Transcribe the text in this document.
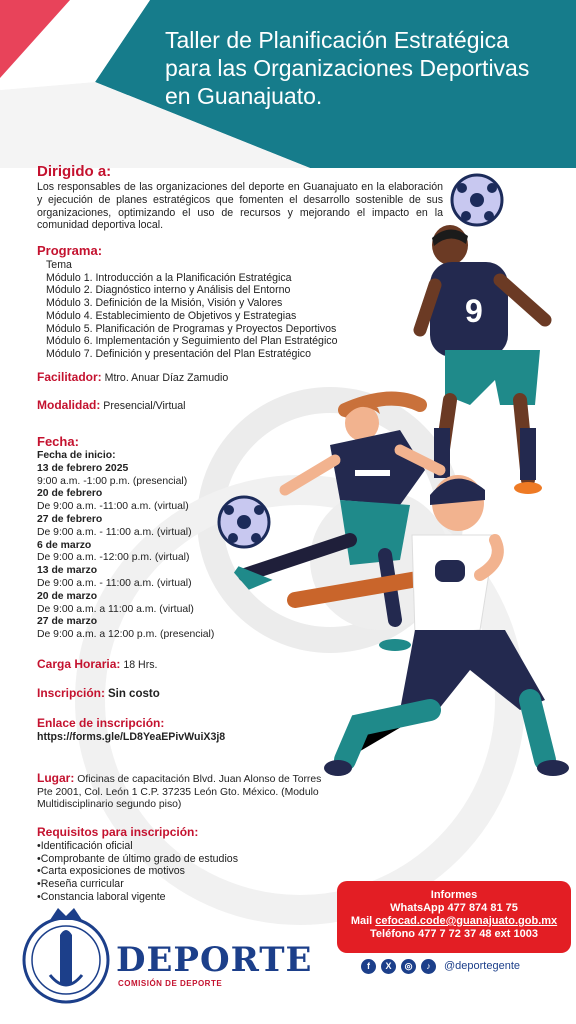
Taller de Planificación Estratégica
para las Organizaciones Deportivas
en Guanajuato.
9
Dirigido a:
Los responsables de las organizaciones del deporte en Guanajuato en la elaboración y ejecución de planes estratégicos que fomenten el desarrollo sostenible de sus organizaciones, optimizando el uso de recursos y mejorando el impacto en la comunidad deportiva local.
Programa:
Tema
Módulo 1. Introducción a la Planificación Estratégica
Módulo 2. Diagnóstico interno y Análisis del Entorno
Módulo 3. Definición de la Misión, Visión y Valores
Módulo 4. Establecimiento de Objetivos y Estrategias
Módulo 5. Planificación de Programas y Proyectos Deportivos
Módulo 6. Implementación y Seguimiento del Plan Estratégico
Módulo 7. Definición y presentación del Plan Estratégico
Facilitador: Mtro. Anuar Díaz Zamudio
Modalidad: Presencial/Virtual
Fecha:
Fecha de inicio:
13 de febrero 2025
9:00 a.m. -1:00 p.m. (presencial)
20 de febrero
De 9:00 a.m. -11:00 a.m. (virtual)
27 de febrero
De 9:00 a.m. - 11:00 a.m. (virtual)
6 de marzo
De 9:00 a.m. -12:00 p.m. (virtual)
13 de marzo
De 9:00 a.m. - 11:00 a.m. (virtual)
20 de marzo
De 9:00 a.m. a 11:00 a.m. (virtual)
27 de marzo
De 9:00 a.m. a 12:00 p.m. (presencial)
Carga Horaria: 18 Hrs.
Inscripción: Sin costo
Enlace de inscripción:
https://forms.gle/LD8YeaEPivWuiX3j8
Lugar: Oficinas de capacitación Blvd. Juan Alonso de Torres
Pte 2001, Col. León 1 C.P. 37235 León Gto. México. (Modulo
Multidisciplinario segundo piso)
Requisitos para inscripción:
•Identificación oficial
•Comprobante de último grado de estudios
•Carta exposiciones de motivos
•Reseña curricular
•Constancia laboral vigente	Informes
WhatsApp 477 874 81 75
Mail cefocad.code@guanajuato.gob.mx
Teléfono 477 7 72 37 48 ext 1003
f	X	◎	♪	@deportegente
DEPORTE
COMISIÓN DE DEPORTE
